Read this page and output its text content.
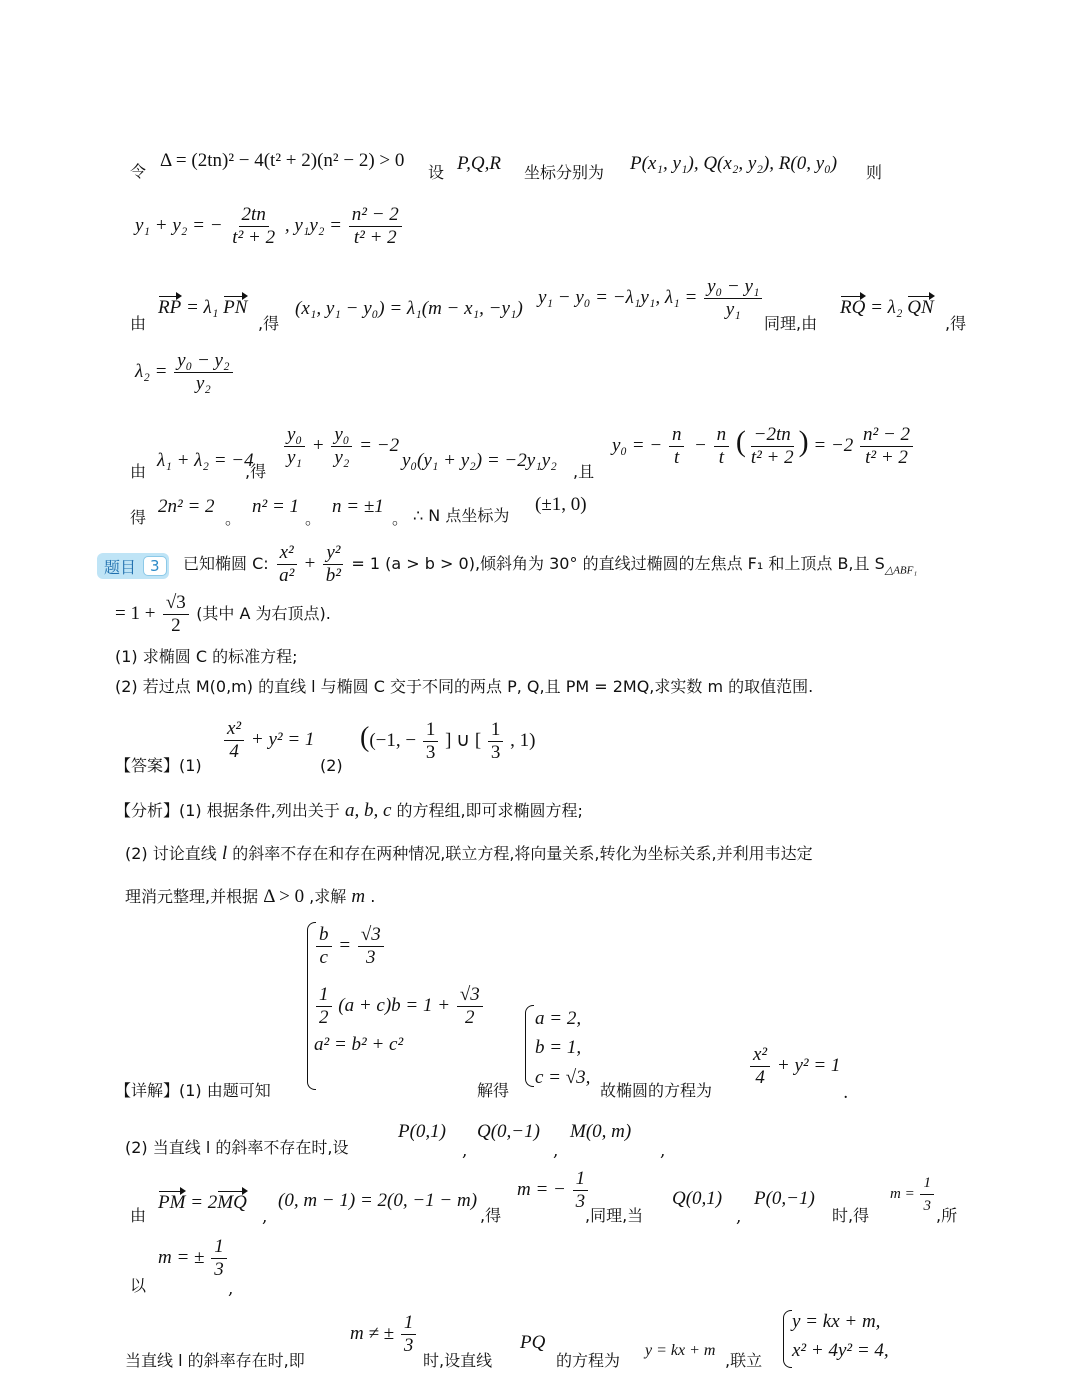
令
Δ = (2tn)² − 4(t² + 2)(n² − 2) > 0
设 P,Q,R 坐标分别为 P(x₁, y₁), Q(x₂, y₂), R(0, y₀) 则
y₁ + y₂ = − $\frac{2tn}{\text{t² + 2}}$ , $y_1y_2 = \frac{\text{n² − 2}}{\text{t² + 2}}$
由
RP = λ₁ PN
,得
(x₁, y₁ − y₀) = λ₁(m − x₁, −y₁)
y₁ − y₀ = −λ₁y₁, $\lambda_1 = \frac{\text{y₀ − y₁}}{\text{y₁}}$
同理,由
RQ = λ₂ QN
,得
$\lambda_2 = \frac{\text{y₀ − y₂}}{\text{y₂}}$
由
λ₁ + λ₂ = −4
,得
$\frac{\text{y₀}}{\text{y₁}} + \frac{\text{y₀}}{\text{y₂}} = -2$
y₀(y₁ + y₂) = −2y₁y₂
,且
y₀ = − $\frac{n}{t} - \frac{n}{t}$ ( $\frac{-2tn}{\text{t² + 2}}$ ) = $-2 \frac{\text{n² − 2}}{\text{t² + 2}}$
得
2n² = 2
。
n² = 1
。
n = ±1
。 ∴ N 点坐标为
(±1, 0)
题目 3	已知椭圆 C: $\frac{\text{x²}}{\text{a²}} + \frac{\text{y²}}{\text{b²}} = 1$ (a > b > 0),倾斜角为 30° 的直线过椭圆的左焦点 F₁ 和上顶点 B,且 $S_{\triangle ABF_1}$
= $1 + \frac{√3}{2}$ (其中 A 为右顶点).
(1) 求椭圆 C 的标准方程;
(2) 若过点 M(0,m) 的直线 l 与椭圆 C 交于不同的两点 P, Q,且 PM = 2MQ,求实数 m 的取值范围.
【答案】(1)
$\frac{\text{x²}}{4} + y^2 = 1$
(2)
((−1, − $\frac{1}{3}$ ] ∪ [ $\frac{1}{3}$ , 1)
【分析】(1) 根据条件,列出关于 a, b, c 的方程组,即可求椭圆方程;
(2) 讨论直线 l 的斜率不存在和存在两种情况,联立方程,将向量关系,转化为坐标关系,并利用韦达定
理消元整理,并根据 Δ > 0 ,求解 m .
$\frac{b}{c} = \frac{√3}{3}$
$\frac{1}{2} (a + c)b = 1 + \frac{√3}{2}$
a² = b² + c²
a = 2,
b = 1,
c = √3,
【详解】(1) 由题可知	解得	故椭圆的方程为
$\frac{\text{x²}}{4} + y^2 = 1$
.
(2) 当直线 l 的斜率不存在时,设
P(0,1)
,
Q(0,−1)
,
M(0, m)
,
由
PM = 2MQ
,
(0, m − 1) = 2(0, −1 − m)
,得
m = − $\frac{1}{3}$
,同理,当
Q(0,1)
,
P(0,−1)
时,得
$m = \frac{1}{3}$ ,所
以
m = ± $\frac{1}{3}$
,
当直线 l 的斜率存在时,即
m ≠ ± $\frac{1}{3}$
时,设直线
PQ
的方程为
y = kx + m
,联立
y = kx + m,
x² + 4y² = 4,
